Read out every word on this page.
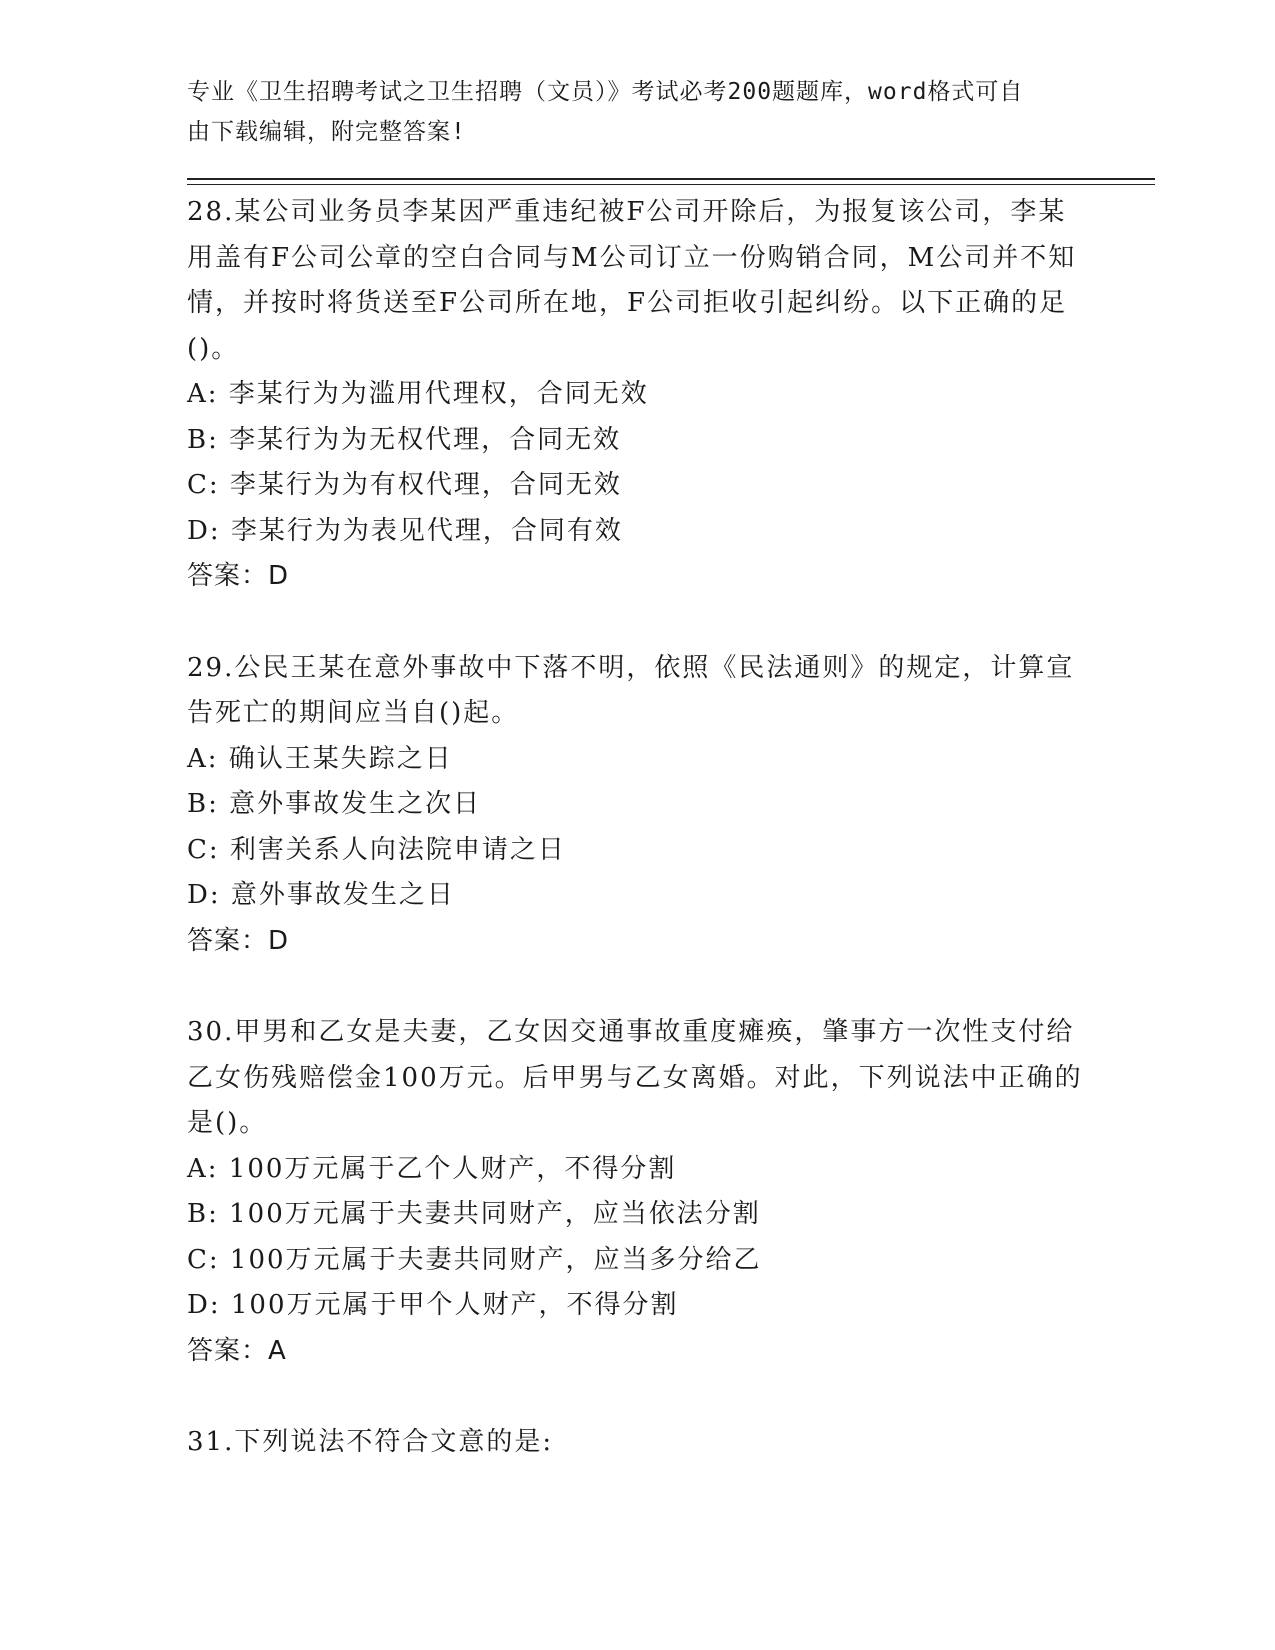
专业《卫生招聘考试之卫生招聘（文员）》考试必考200题题库，word格式可自
由下载编辑，附完整答案!

28.某公司业务员李某因严重违纪被F公司开除后，为报复该公司，李某用盖有F公司公章的空白合同与M公司订立一份购销合同，M公司并不知情，并按时将货送至F公司所在地，F公司拒收引起纠纷。以下正确的足()。

A: 李某行为为滥用代理权，合同无效

B: 李某行为为无权代理，合同无效

C: 李某行为为有权代理，合同无效

D: 李某行为为表见代理，合同有效

答案：D

29.公民王某在意外事故中下落不明，依照《民法通则》的规定，计算宣告死亡的期间应当自()起。

A: 确认王某失踪之日

B: 意外事故发生之次日

C: 利害关系人向法院申请之日

D: 意外事故发生之日

答案：D

30.甲男和乙女是夫妻，乙女因交通事故重度瘫痪，肇事方一次性支付给乙女伤残赔偿金100万元。后甲男与乙女离婚。对此，下列说法中正确的是()。

A: 100万元属于乙个人财产，不得分割

B: 100万元属于夫妻共同财产，应当依法分割

C: 100万元属于夫妻共同财产，应当多分给乙

D: 100万元属于甲个人财产，不得分割

答案：A

31.下列说法不符合文意的是:
